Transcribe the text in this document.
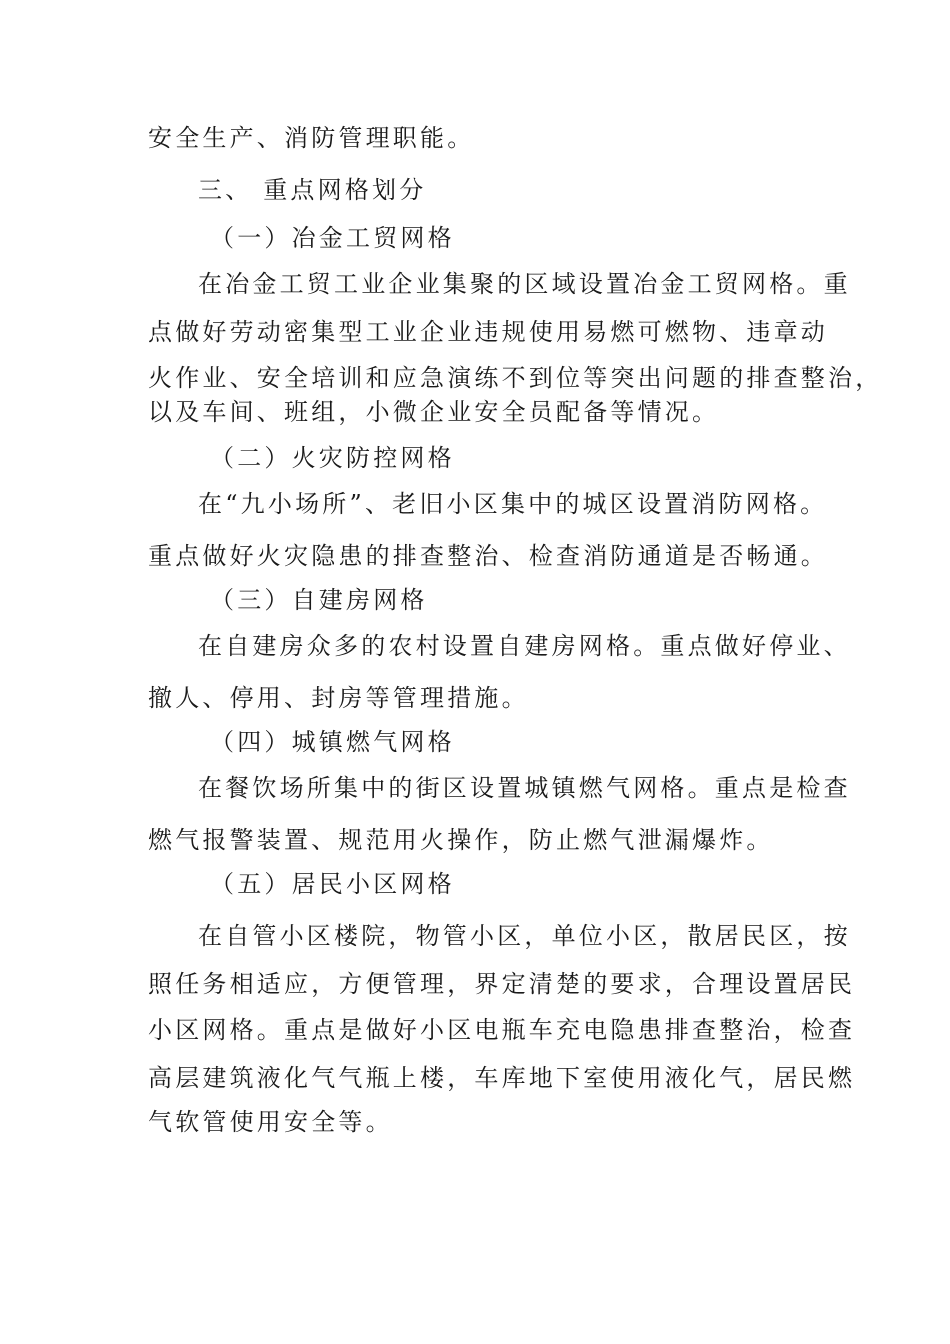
安全生产、消防管理职能。
三、 重点网格划分
（一）冶金工贸网格
在冶金工贸工业企业集聚的区域设置冶金工贸网格。重
点做好劳动密集型工业企业违规使用易燃可燃物、违章动
火作业、安全培训和应急演练不到位等突出问题的排查整治，
以及车间、班组，小微企业安全员配备等情况。
（二）火灾防控网格
在“九小场所”、老旧小区集中的城区设置消防网格。
重点做好火灾隐患的排查整治、检查消防通道是否畅通。
（三）自建房网格
在自建房众多的农村设置自建房网格。重点做好停业、
撤人、停用、封房等管理措施。
（四）城镇燃气网格
在餐饮场所集中的街区设置城镇燃气网格。重点是检查
燃气报警装置、规范用火操作，防止燃气泄漏爆炸。
（五）居民小区网格
在自管小区楼院，物管小区，单位小区，散居民区，按
照任务相适应，方便管理，界定清楚的要求，合理设置居民
小区网格。重点是做好小区电瓶车充电隐患排查整治，检查
高层建筑液化气气瓶上楼，车库地下室使用液化气，居民燃
气软管使用安全等。
